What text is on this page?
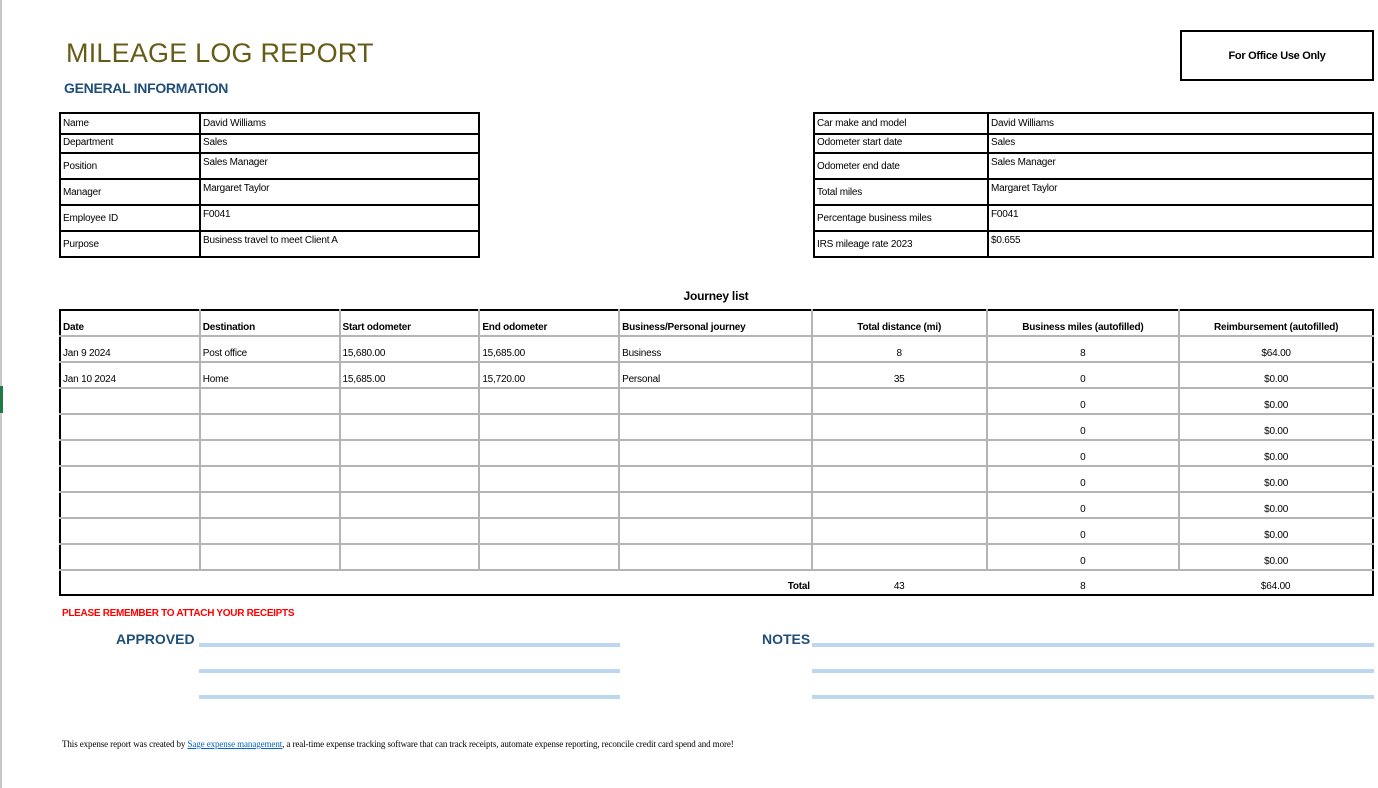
MILEAGE LOG REPORT
GENERAL INFORMATION
For Office Use Only
Name	David Williams
Department	Sales
Position	Sales Manager
Manager	Margaret Taylor
Employee ID	F0041
Purpose	Business travel to meet Client A
Car make and model	David Williams
Odometer start date	Sales
Odometer end date	Sales Manager
Total miles	Margaret Taylor
Percentage business miles	F0041
IRS mileage rate 2023	$0.655
Journey list
Date	Destination	Start odometer	End odometer	Business/Personal journey	Total distance (mi)	Business miles (autofilled)	Reimbursement (autofilled)
Jan 9 2024	Post office	15,680.00	15,685.00	Business	8	8	$64.00
Jan 10 2024	Home	15,685.00	15,720.00	Personal	35	0	$0.00
						0	$0.00
						0	$0.00
						0	$0.00
						0	$0.00
						0	$0.00
						0	$0.00
						0	$0.00
				Total	43	8	$64.00
PLEASE REMEMBER TO ATTACH YOUR RECEIPTS
APPROVED	NOTES
This expense report was created by Sage expense management, a real-time expense tracking software that can track receipts, automate expense reporting, reconcile credit card spend and more!
